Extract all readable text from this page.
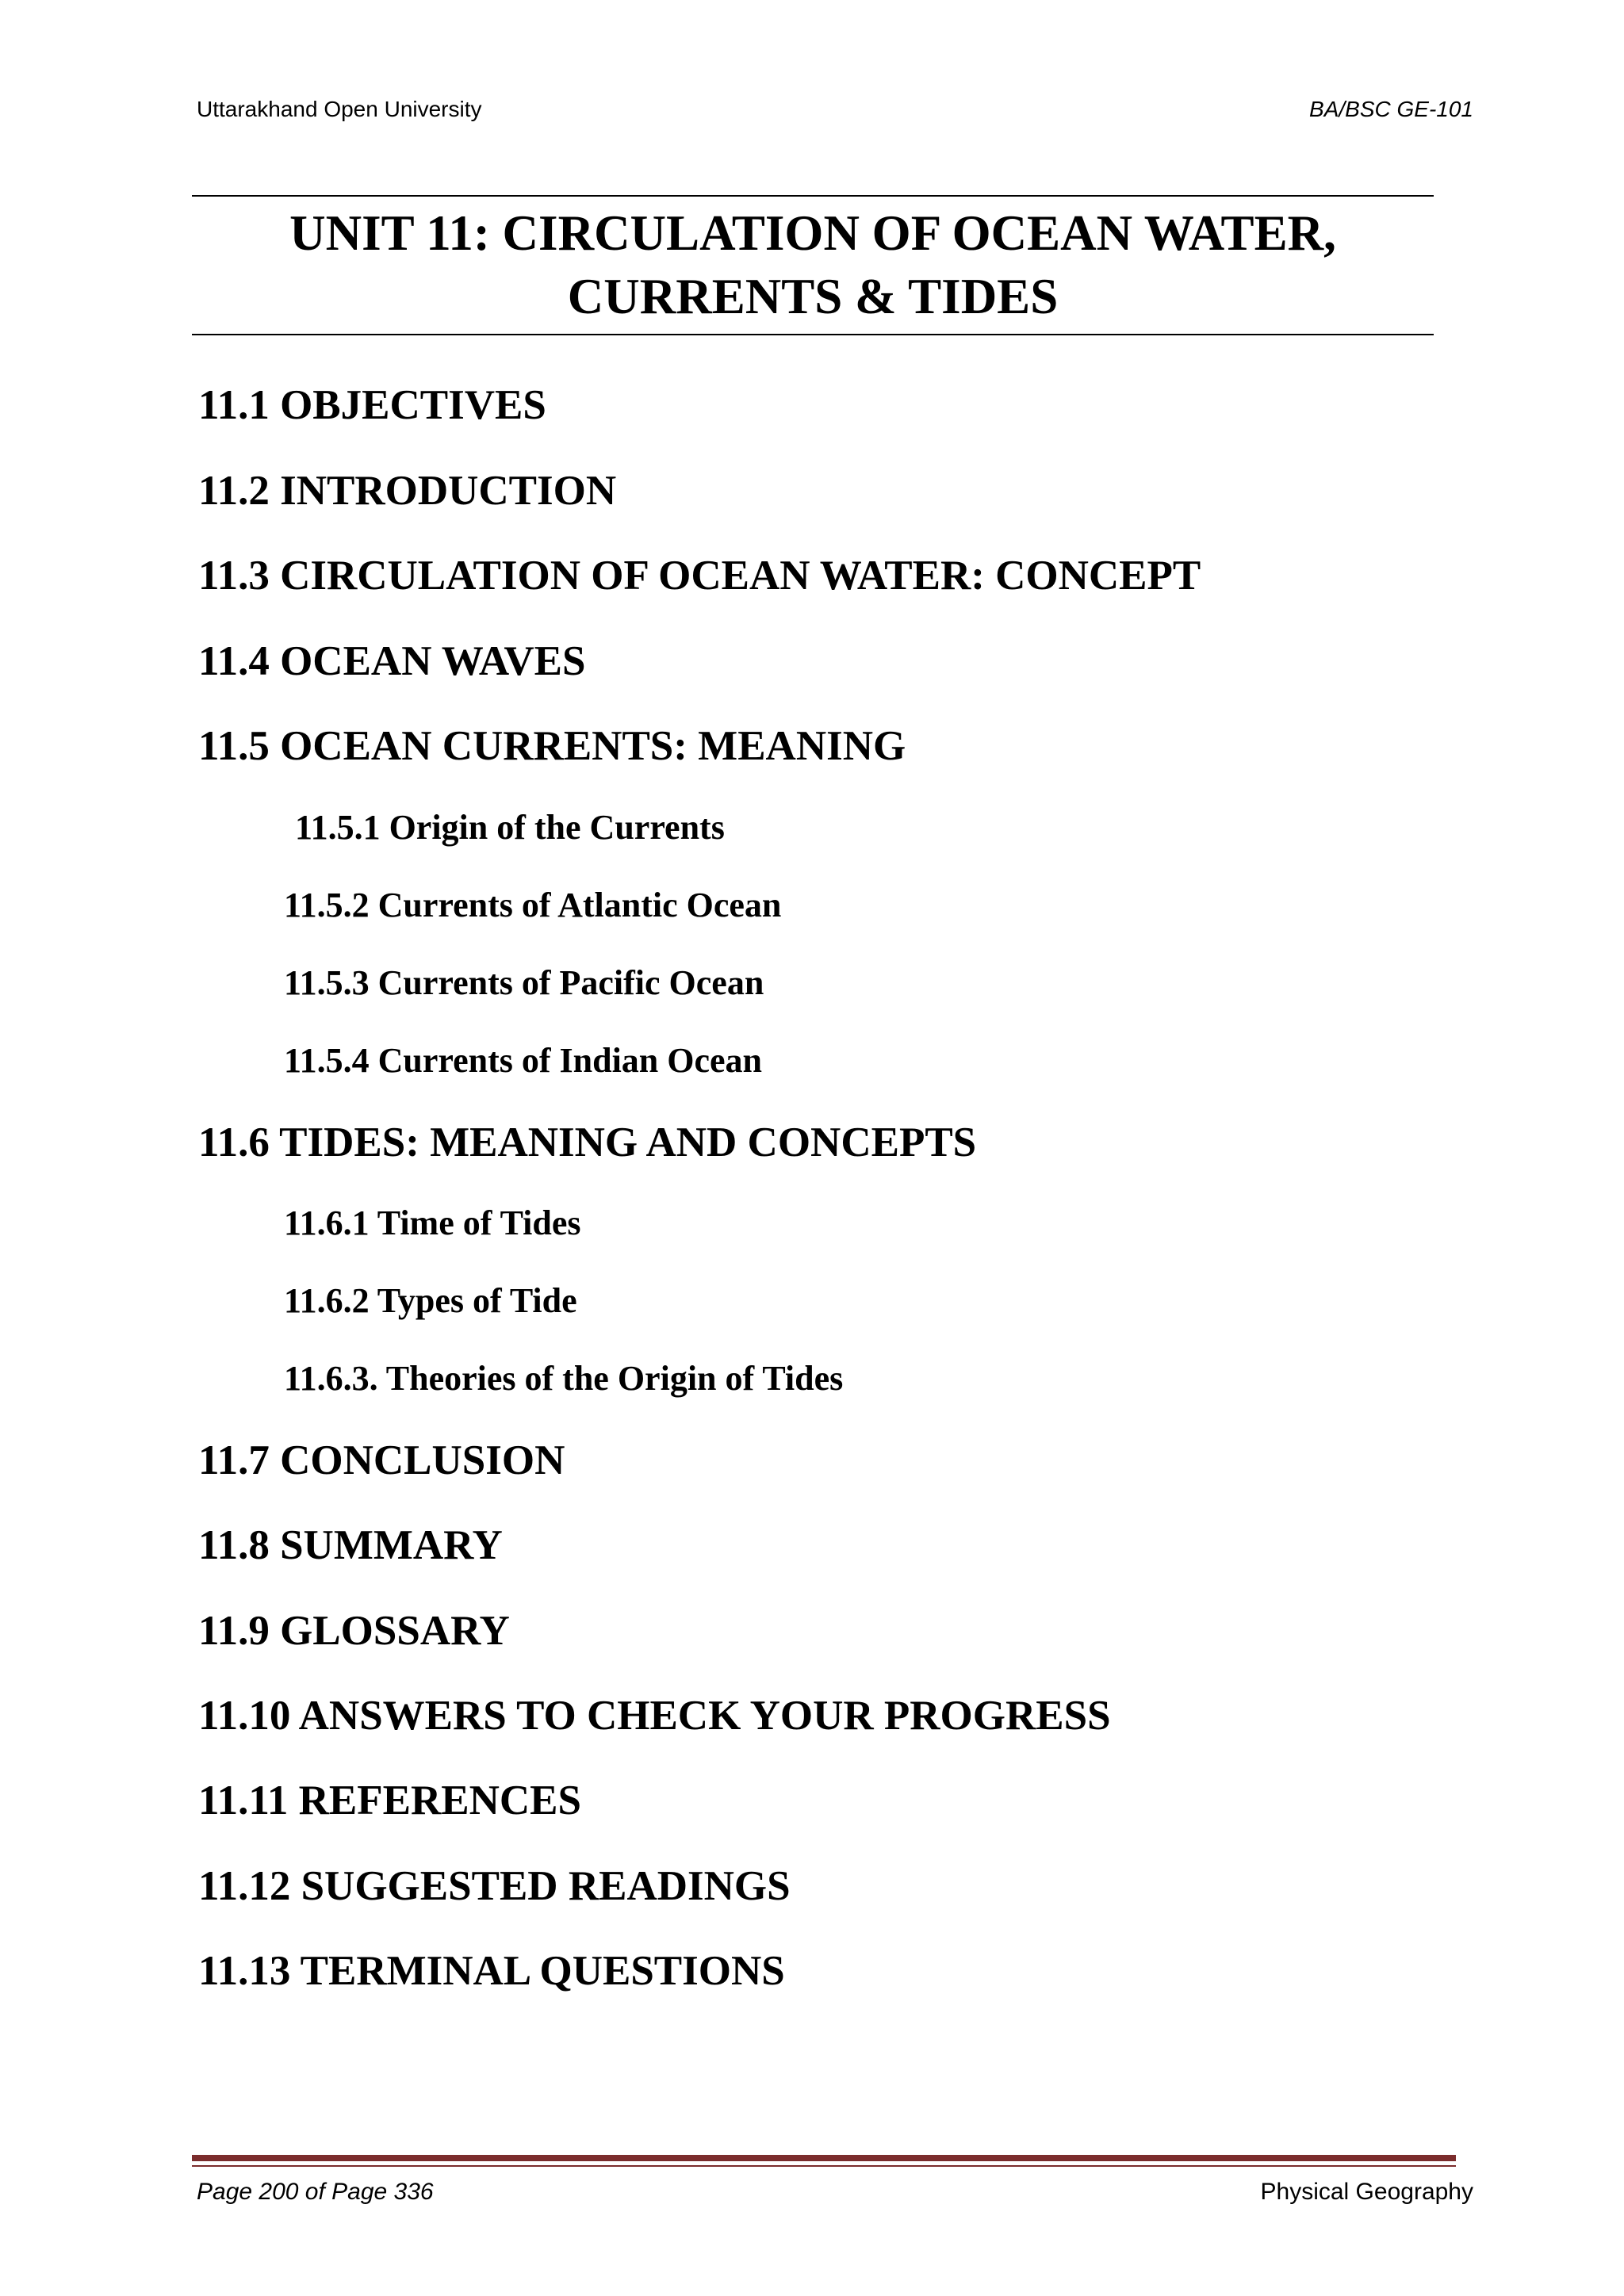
Uttarakhand Open University	BA/BSC GE-101
UNIT 11: CIRCULATION OF OCEAN WATER,
CURRENTS & TIDES
11.1 OBJECTIVES
11.2 INTRODUCTION
11.3 CIRCULATION OF OCEAN WATER: CONCEPT
11.4 OCEAN WAVES
11.5 OCEAN CURRENTS: MEANING
11.5.1 Origin of the Currents
11.5.2 Currents of Atlantic Ocean
11.5.3 Currents of Pacific Ocean
11.5.4 Currents of Indian Ocean
11.6 TIDES: MEANING AND CONCEPTS
11.6.1 Time of Tides
11.6.2 Types of Tide
11.6.3. Theories of the Origin of Tides
11.7 CONCLUSION
11.8 SUMMARY
11.9 GLOSSARY
11.10 ANSWERS TO CHECK YOUR PROGRESS
11.11 REFERENCES
11.12 SUGGESTED READINGS
11.13 TERMINAL QUESTIONS
Page 200 of Page 336	Physical Geography
